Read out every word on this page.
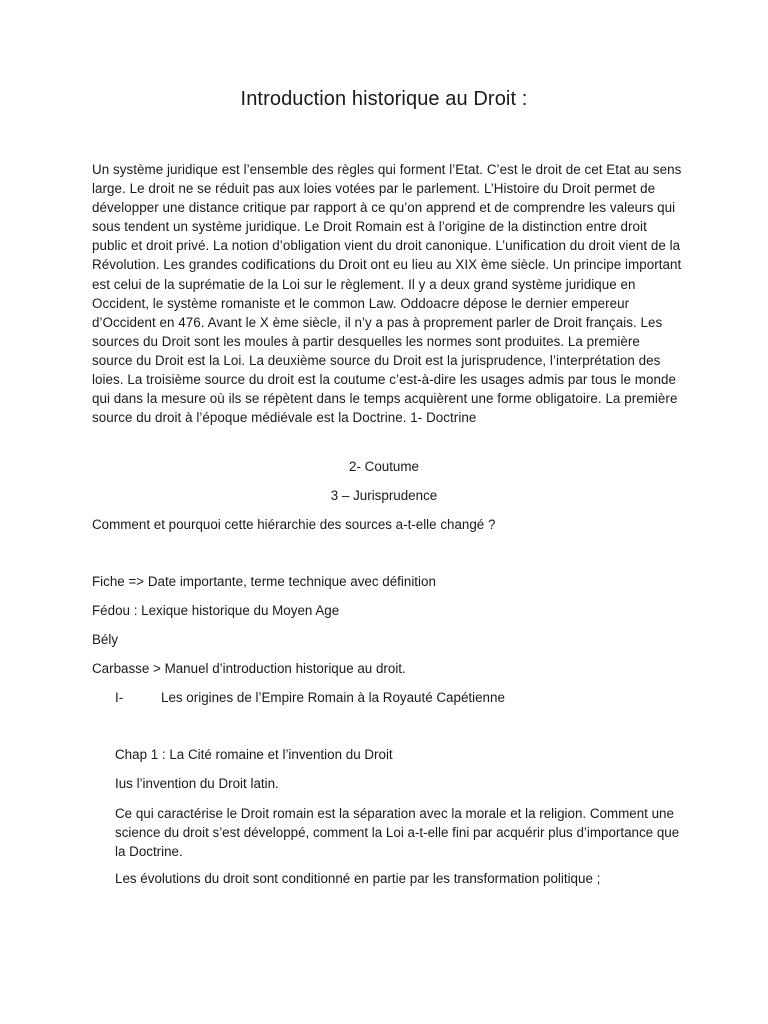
Introduction historique au Droit :

Un système juridique est l’ensemble des règles qui forment l’Etat. C’est le droit de cet Etat au sens large. Le droit ne se réduit pas aux loies votées par le parlement. L’Histoire du Droit permet de développer une distance critique par rapport à ce qu’on apprend et de comprendre les valeurs qui sous tendent un système juridique. Le Droit Romain est à l’origine de la distinction entre droit public et droit privé. La notion d’obligation vient du droit canonique. L’unification du droit vient de la Révolution. Les grandes codifications du Droit ont eu lieu au XIX ème siècle. Un principe important est celui de la suprématie de la Loi sur le règlement. Il y a deux grand système juridique en Occident, le système romaniste et le common Law. Oddoacre dépose le dernier empereur d’Occident en 476. Avant le X ème siècle, il n’y a pas à proprement parler de Droit français. Les sources du Droit sont les moules à partir desquelles les normes sont produites. La première source du Droit est la Loi. La deuxième source du Droit est la jurisprudence, l’interprétation des loies. La troisième source du droit est la coutume c’est-à-dire les usages admis par tous le monde qui dans la mesure où ils se répètent dans le temps acquièrent une forme obligatoire. La première source du droit à l’époque médiévale est la Doctrine. 1- Doctrine

2- Coutume

3 – Jurisprudence

Comment et pourquoi cette hiérarchie des sources a-t-elle changé ?

Fiche => Date importante, terme technique avec définition

Fédou : Lexique historique du Moyen Age

Bély

Carbasse > Manuel d’introduction historique au droit.

I-	Les origines de l’Empire Romain à la Royauté Capétienne

Chap 1 : La Cité romaine et l’invention du Droit

Ius l’invention du Droit latin.

Ce qui caractérise le Droit romain est la séparation avec la morale et la religion. Comment une science du droit s’est développé, comment la Loi a-t-elle fini par acquérir plus d’importance que la Doctrine.

Les évolutions du droit sont conditionné en partie par les transformation politique ;
